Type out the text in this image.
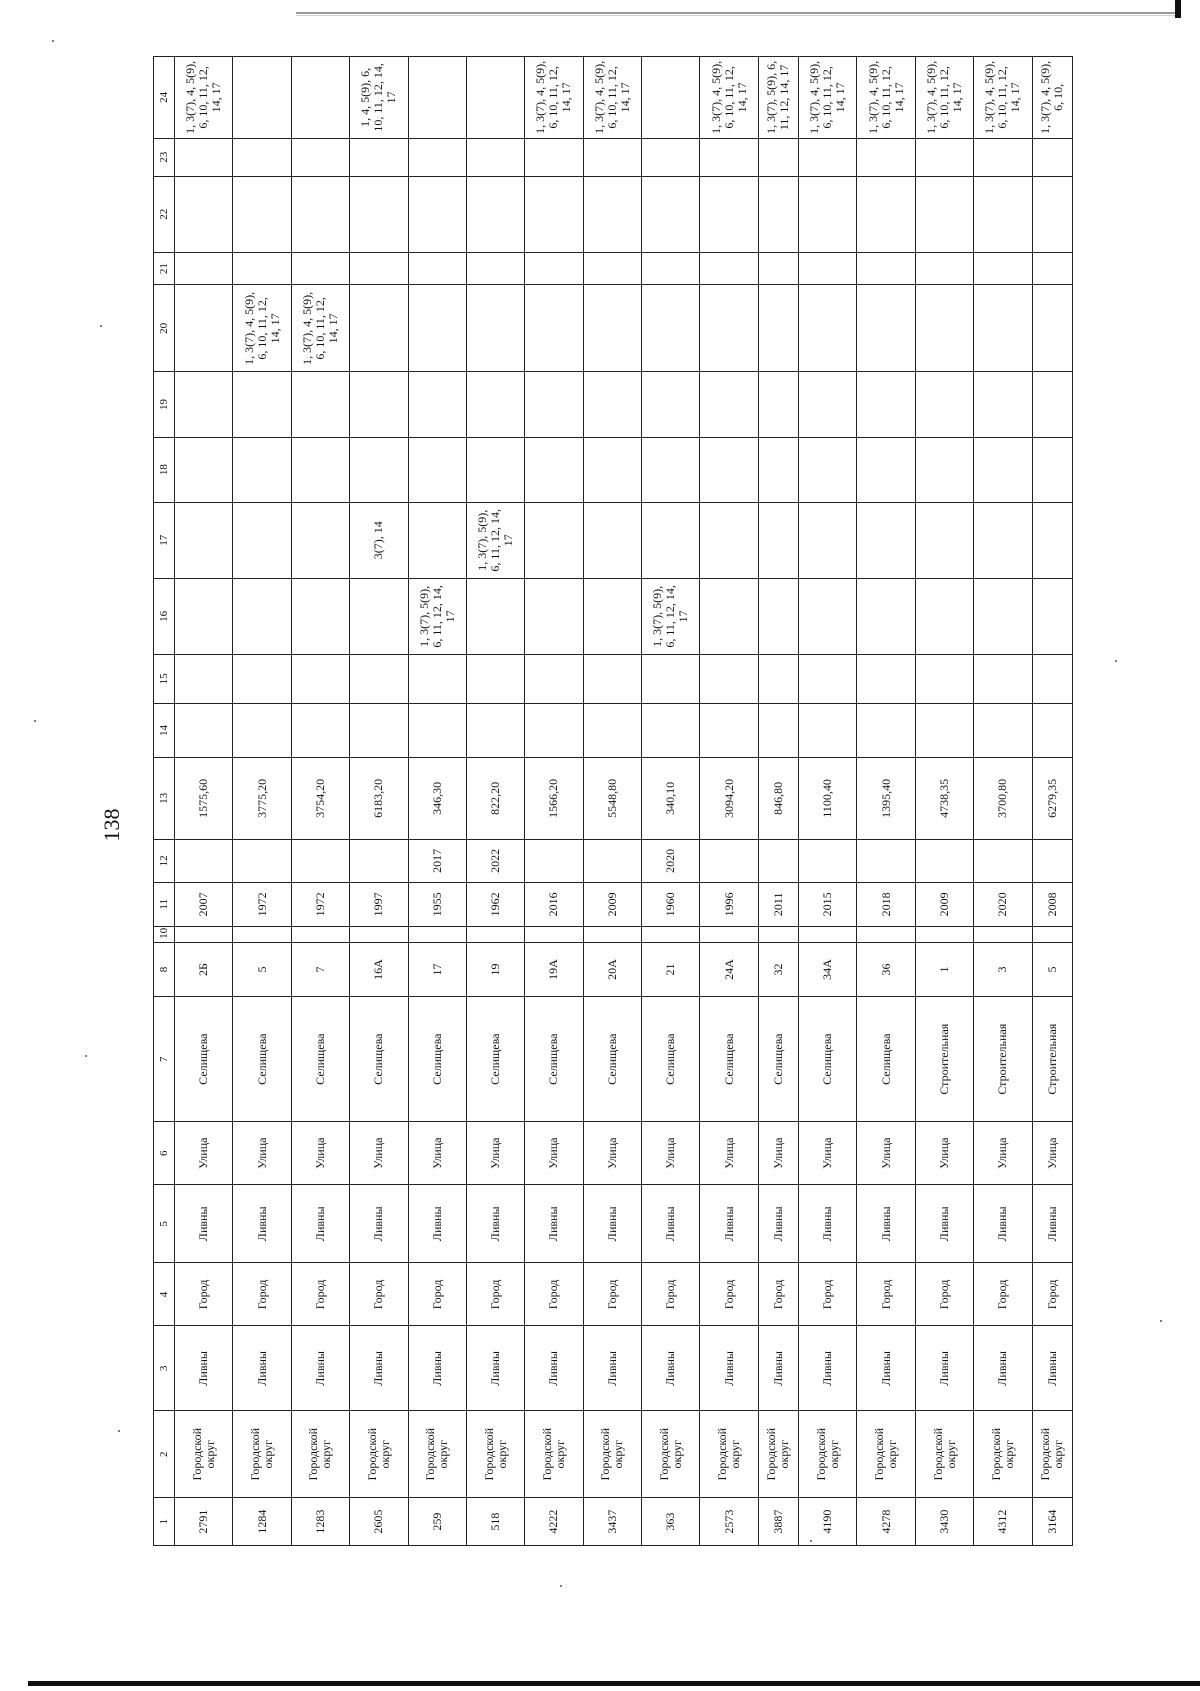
138
1	2	3	4	5	6	7	8	10	11	12	13	14	15	16	17	18	19	20	21	22	23	24
2791	Городской округ	Ливны	Город	Ливны	Улица	Селищева	2Б		2007		1575,60											1, 3(7), 4, 5(9), 6, 10, 11, 12, 14, 17
1284	Городской округ	Ливны	Город	Ливны	Улица	Селищева	5		1972		3775,20							1, 3(7), 4, 5(9), 6, 10, 11, 12, 14, 17				
1283	Городской округ	Ливны	Город	Ливны	Улица	Селищева	7		1972		3754,20							1, 3(7), 4, 5(9), 6, 10, 11, 12, 14, 17				
2605	Городской округ	Ливны	Город	Ливны	Улица	Селищева	16А		1997		6183,20				3(7), 14							1, 4, 5(9), 6, 10, 11, 12, 14, 17
259	Городской округ	Ливны	Город	Ливны	Улица	Селищева	17		1955	2017	346,30			1, 3(7), 5(9), 6, 11, 12, 14, 17								
518	Городской округ	Ливны	Город	Ливны	Улица	Селищева	19		1962	2022	822,20				1, 3(7), 5(9), 6, 11, 12, 14, 17							
4222	Городской округ	Ливны	Город	Ливны	Улица	Селищева	19А		2016		1566,20											1, 3(7), 4, 5(9), 6, 10, 11, 12, 14, 17
3437	Городской округ	Ливны	Город	Ливны	Улица	Селищева	20А		2009		5548,80											1, 3(7), 4, 5(9), 6, 10, 11, 12, 14, 17
363	Городской округ	Ливны	Город	Ливны	Улица	Селищева	21		1960	2020	340,10			1, 3(7), 5(9), 6, 11, 12, 14, 17								
2573	Городской округ	Ливны	Город	Ливны	Улица	Селищева	24А		1996		3094,20											1, 3(7), 4, 5(9), 6, 10, 11, 12, 14, 17
3887	Городской округ	Ливны	Город	Ливны	Улица	Селищева	32		2011		846,80											1, 3(7), 5(9), 6, 11, 12, 14, 17
4190	Городской округ	Ливны	Город	Ливны	Улица	Селищева	34А		2015		1100,40											1, 3(7), 4, 5(9), 6, 10, 11, 12, 14, 17
4278	Городской округ	Ливны	Город	Ливны	Улица	Селищева	36		2018		1395,40											1, 3(7), 4, 5(9), 6, 10, 11, 12, 14, 17
3430	Городской округ	Ливны	Город	Ливны	Улица	Строительная	1		2009		4738,35											1, 3(7), 4, 5(9), 6, 10, 11, 12, 14, 17
4312	Городской округ	Ливны	Город	Ливны	Улица	Строительная	3		2020		3700,80											1, 3(7), 4, 5(9), 6, 10, 11, 12, 14, 17
3164	Городской округ	Ливны	Город	Ливны	Улица	Строительная	5		2008		6279,35											1, 3(7), 4, 5(9), 6, 10,
